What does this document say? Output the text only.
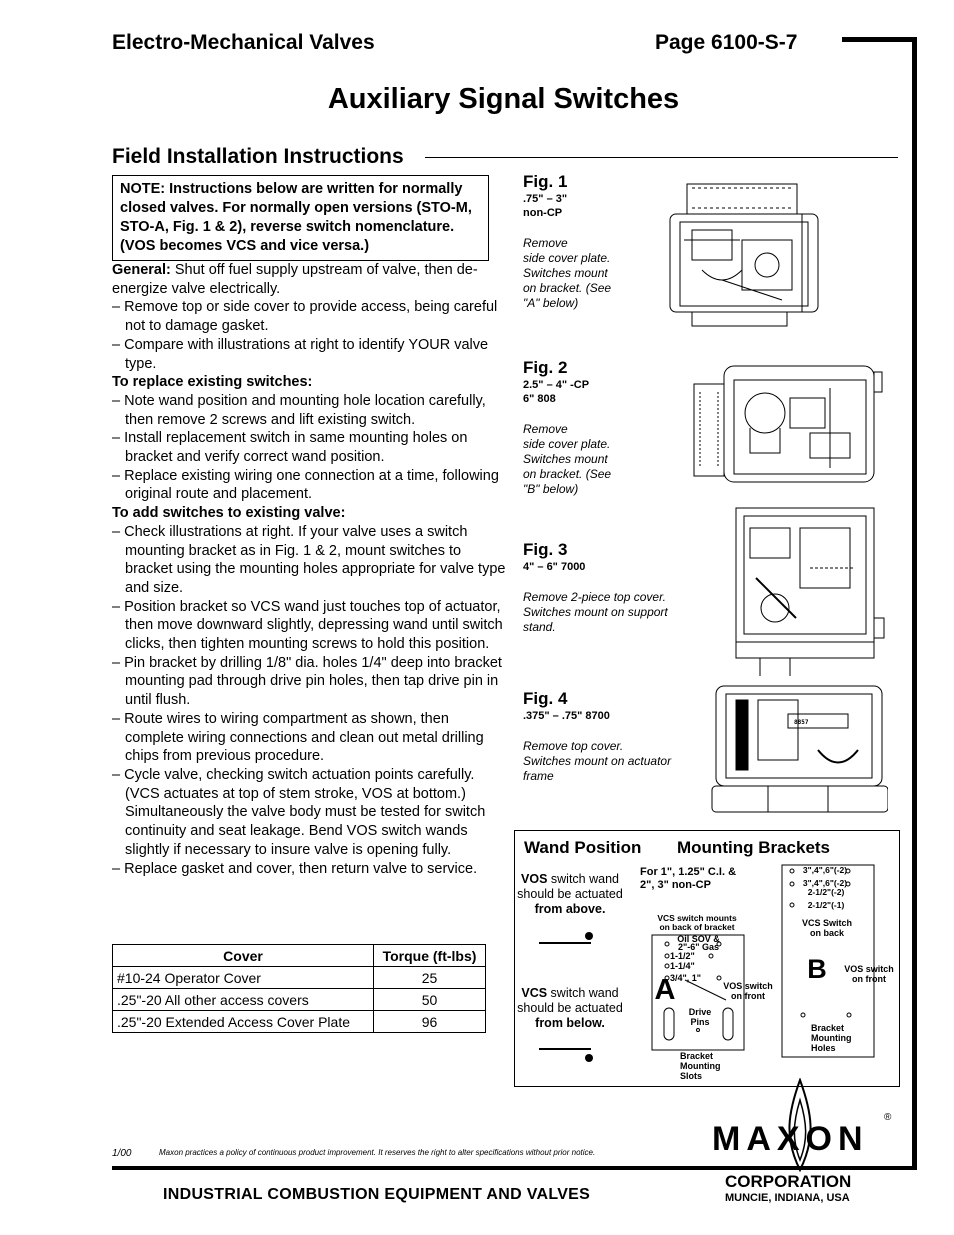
Electro-Mechanical Valves	Page 6100-S-7
Auxiliary Signal Switches
Field Installation Instructions
NOTE: Instructions below are written for normally closed valves. For normally open versions (STO-M, STO-A, Fig. 1 & 2), reverse switch nomenclature. (VOS becomes VCS and vice versa.)

General: Shut off fuel supply upstream of valve, then de-energize valve electrically.

– Remove top or side cover to provide access, being careful not to damage gasket.

– Compare with illustrations at right to identify YOUR valve type.

To replace existing switches:

– Note wand position and mounting hole location carefully, then remove 2 screws and lift existing switch.

– Install replacement switch in same mounting holes on bracket and verify correct wand position.

– Replace existing wiring one connection at a time, following original route and placement.

To add switches to existing valve:

– Check illustrations at right. If your valve uses a switch mounting bracket as in Fig. 1 & 2, mount switches to bracket using the mounting holes appropriate for valve type and size.

– Position bracket so VCS wand just touches top of actuator, then move downward slightly, depressing wand until switch clicks, then tighten mounting screws to hold this position.

– Pin bracket by drilling 1/8" dia. holes 1/4" deep into bracket mounting pad through drive pin holes, then tap drive pin in until flush.

– Route wires to wiring compartment as shown, then complete wiring connections and clean out metal drilling chips from previous procedure.

– Cycle valve, checking switch actuation points carefully. (VCS actuates at top of stem stroke, VOS at bottom.) Simultaneously the valve body must be tested for switch continuity and seat leakage. Bend VOS switch wands slightly if necessary to insure valve is opening fully.

– Replace gasket and cover, then return valve to service.

Cover	Torque (ft-lbs)
#10-24 Operator Cover	25
.25"-20 All other access covers	50
.25"-20 Extended Access Cover Plate	96
Fig. 1
.75" – 3"
non-CP
Remove
side cover plate.
Switches mount
on bracket. (See
"A" below)
Fig. 2
2.5" – 4" -CP
6" 808
Remove
side cover plate.
Switches mount
on bracket. (See
"B" below)
Fig. 3
4" – 6" 7000
Remove 2-piece top cover.
Switches mount on support
stand.
Fig. 4
.375" – .75" 8700
Remove top cover.
Switches mount on actuator
frame
8857
Wand Position Mounting Brackets
VOS switch wand should be actuated
from above.
VCS switch wand should be actuated
from below.
For 1", 1.25" C.I. & 2", 3" non-CP
VCS switch mounts on back of bracket
Oil SOV &
2"-6" Gas
1-1/2"
1-1/4"
3/4", 1"
A	VOS switch on front
Drive Pins
Bracket Mounting Slots
3",4",6"(-2)
3",4",6"(-2)
2-1/2"(-2)
2-1/2"(-1)
VCS Switch on back
B	VOS switch on front
Bracket Mounting Holes
1/00	Maxon practices a policy of continuous product improvement. It reserves the right to alter specifications without prior notice.
INDUSTRIAL COMBUSTION EQUIPMENT AND VALVES
MAXON
®
CORPORATION
MUNCIE, INDIANA, USA
